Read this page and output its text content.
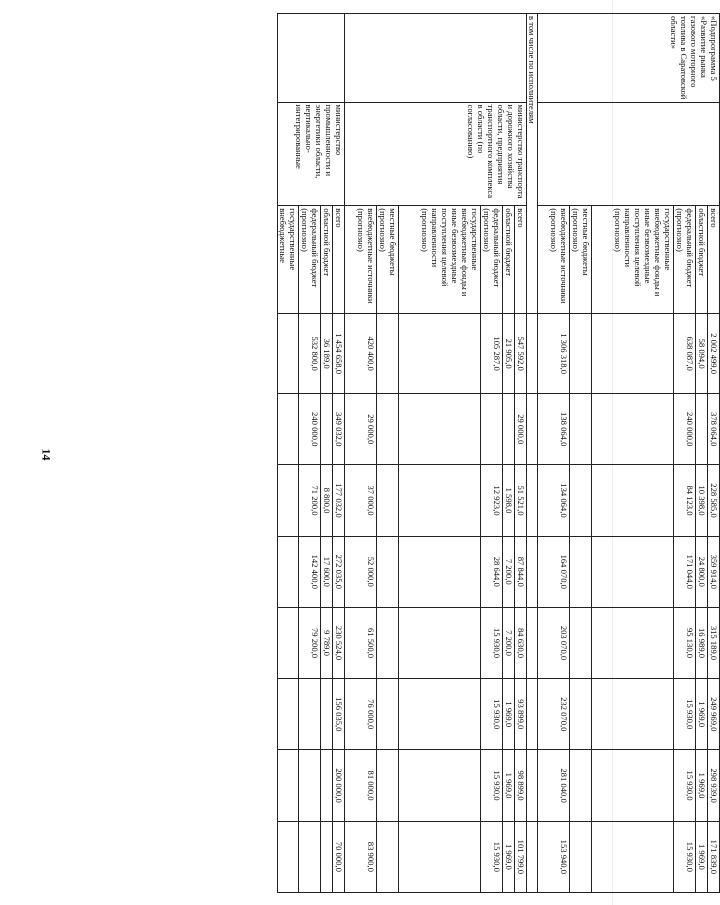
14
«Подпрограмма 5 «Развитие рынка газового моторного топлива в Саратовской области»		всего	2 002 499,0	378 064,0	228 585,0	359 914,0	315 189,0	249 969,0	298 939,0	171 839,0
		областной бюджет	58 094,0		10 398,0	24 800,0	16 989,0	1 969,0	1 969,0	1 969,0
		федеральный бюджет (прогнозно)	638 087,0	240 000,0	84 123,0	171 044,0	95 130,0	15 930,0	15 930,0	15 930,0
		государственные внебюджетные фонды и иные безвозмездные поступления целевой направленности (прогнозно)								
		местные бюджеты (прогнозно)								
		внебюджетные источники (прогнозно)	1 306 318,0	138 064,0	134 064,0	164 070,0	203 070,0	232 070,0	281 040,0	153 940,0
в том числе по исполнителям										
	министерство транспорта и дорожного хозяйства области, предприятия транспортного комплекса в области (по согласованию)	всего	547 592,0	29 000,0	51 521,0	87 844,0	84 630,0	93 899,0	98 899,0	101 799,0
		областной бюджет	21 905,0		1 598,0	7 200,0	7 200,0	1 969,0	1 969,0	1 969,0
		федеральный бюджет (прогнозно)	105 287,0		12 923,0	28 644,0	15 930,0	15 930,0	15 930,0	15 930,0
		государственные внебюджетные фонды и иные безвозмездные поступления целевой направленности (прогнозно)								
		местные бюджеты (прогнозно)								
		внебюджетные источники (прогнозно)	420 400,0	29 000,0	37 000,0	52 000,0	61 500,0	76 000,0	81 000,0	83 900,0
	министерство промышленности и энергетики области, вертикально-интегрированные	всего	1 454 658,0	349 032,0	177 032,0	272 035,0	230 524,0	156 035,0	200 000,0	70 000,0
		областной бюджет	36 189,0		8 800,0	17 600,0	9 789,0			
		федеральный бюджет (прогнозно)	532 800,0	240 000,0	71 200,0	142 400,0	79 200,0			
		государственные внебюджетные								
